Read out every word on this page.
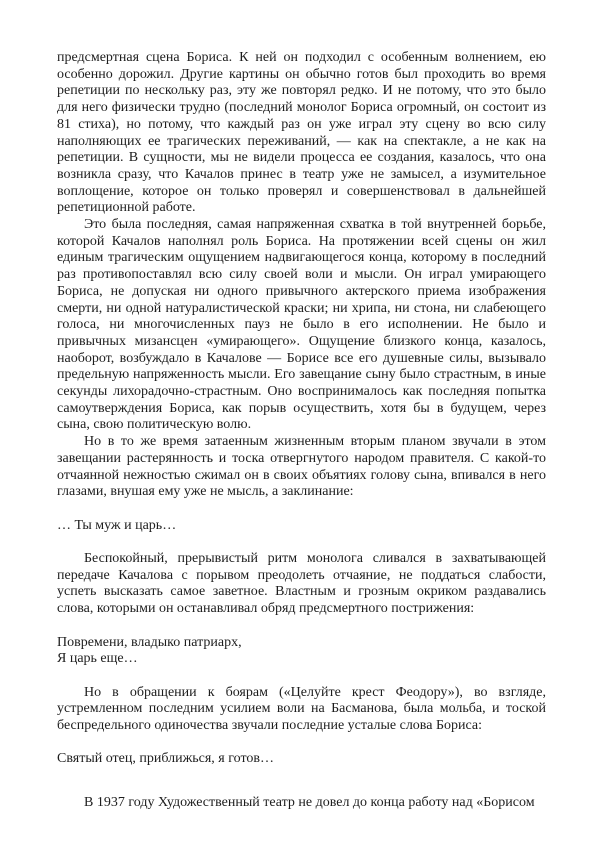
предсмертная сцена Бориса. К ней он подходил с особенным волнением, ею особенно дорожил. Другие картины он обычно готов был проходить во время репетиции по нескольку раз, эту же повторял редко. И не потому, что это было для него физически трудно (последний монолог Бориса огромный, он состоит из 81 стиха), но потому, что каждый раз он уже играл эту сцену во всю силу наполняющих ее трагических переживаний, — как на спектакле, а не как на репетиции. В сущности, мы не видели процесса ее создания, казалось, что она возникла сразу, что Качалов принес в театр уже не замысел, а изумительное воплощение, которое он только проверял и совершенствовал в дальнейшей репетиционной работе.

Это была последняя, самая напряженная схватка в той внутренней борьбе, которой Качалов наполнял роль Бориса. На протяжении всей сцены он жил единым трагическим ощущением надвигающегося конца, которому в последний раз противопоставлял всю силу своей воли и мысли. Он играл умирающего Бориса, не допуская ни одного привычного актерского приема изображения смерти, ни одной натуралистической краски; ни хрипа, ни стона, ни слабеющего голоса, ни многочисленных пауз не было в его исполнении. Не было и привычных мизансцен «умирающего». Ощущение близкого конца, казалось, наоборот, возбуждало в Качалове — Борисе все его душевные силы, вызывало предельную напряженность мысли. Его завещание сыну было страстным, в иные секунды лихорадочно-страстным. Оно воспринималось как последняя попытка самоутверждения Бориса, как порыв осуществить, хотя бы в будущем, через сына, свою политическую волю.

Но в то же время затаенным жизненным вторым планом звучали в этом завещании растерянность и тоска отвергнутого народом правителя. С какой-то отчаянной нежностью сжимал он в своих объятиях голову сына, впивался в него глазами, внушая ему уже не мысль, а заклинание:

… Ты муж и царь…

Беспокойный, прерывистый ритм монолога сливался в захватывающей передаче Качалова с порывом преодолеть отчаяние, не поддаться слабости, успеть высказать самое заветное. Властным и грозным окриком раздавались слова, которыми он останавливал обряд предсмертного пострижения:

Повремени, владыко патриарх,
Я царь еще…

Но в обращении к боярам («Целуйте крест Феодору»), во взгляде, устремленном последним усилием воли на Басманова, была мольба, и тоской беспредельного одиночества звучали последние усталые слова Бориса:

Святый отец, приближься, я готов…

В 1937 году Художественный театр не довел до конца работу над «Борисом
